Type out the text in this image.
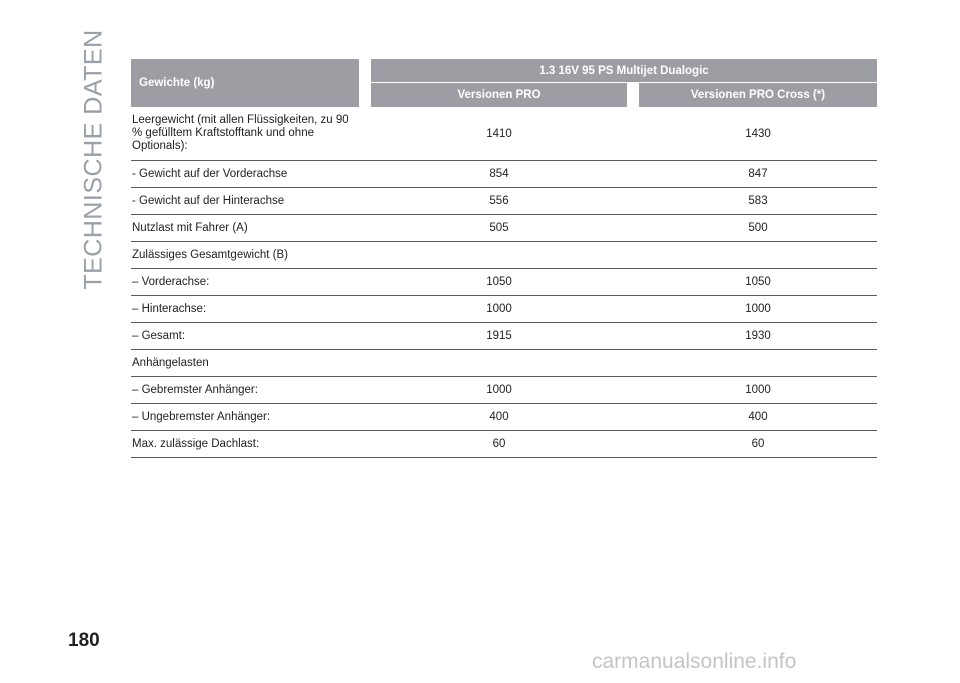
TECHNISCHE DATEN	Gewichte (kg)		1.3 16V 95 PS Multijet Dualogic		
		Versionen PRO		Versionen PRO Cross (*)
Leergewicht (mit allen Flüssigkeiten, zu 90 % gefülltem Kraftstofftank und ohne Optionals):		1410		1430
- Gewicht auf der Vorderachse		854		847
- Gewicht auf der Hinterachse		556		583
Nutzlast mit Fahrer (A)		505		500
Zulässiges Gesamtgewicht (B)				
– Vorderachse:		1050		1050
– Hinterachse:		1000		1000
– Gesamt:		1915		1930
Anhängelasten				
– Gebremster Anhänger:		1000		1000
– Ungebremster Anhänger:		400		400
Max. zulässige Dachlast:		60		60
180
carmanualsonline.info
